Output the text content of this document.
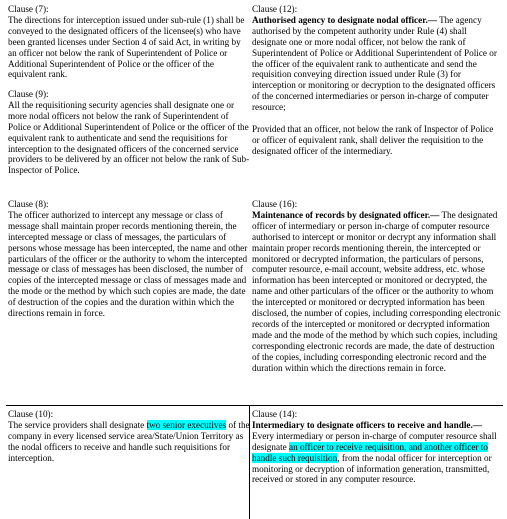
Clause (7):

The directions for interception issued under sub-rule (1) shall be conveyed to the designated officers of the licensee(s) who have been granted licenses under Section 4 of said Act, in writing by an officer not below the rank of Superintendent of Police or Additional Superintendent of Police or the officer of the equivalent rank.

Clause (9):

All the requisitioning security agencies shall designate one or more nodal officers not below the rank of Superintendent of Police or Additional Superintendent of Police or the officer of the equivalent rank to authenticate and send the requisitions for interception to the designated officers of the concerned service providers to be delivered by an officer not below the rank of Sub-Inspector of Police.

Clause (12):

Authorised agency to designate nodal officer.— The agency authorised by the competent authority under Rule (4) shall designate one or more nodal officer, not below the rank of Superintendent of Police or Additional Superintendent of Police or the officer of the equivalent rank to authenticate and send the requisition conveying direction issued under Rule (3) for interception or monitoring or decryption to the designated officers of the concerned intermediaries or person in-charge of computer resource;

Provided that an officer, not below the rank of Inspector of Police or officer of equivalent rank, shall deliver the requisition to the designated officer of the intermediary.

Clause (8):

The officer authorized to intercept any message or class of message shall maintain proper records mentioning therein, the intercepted message or class of messages, the particulars of persons whose message has been intercepted, the name and other particulars of the officer or the authority to whom the intercepted message or class of messages has been disclosed, the number of copies of the intercepted message or class of messages made and the mode or the method by which such copies are made, the date of destruction of the copies and the duration within which the directions remain in force.

Clause (16):

Maintenance of records by designated officer.— The designated officer of intermediary or person in-charge of computer resource authorised to intercept or monitor or decrypt any information shall maintain proper records mentioning therein, the intercepted or monitored or decrypted information, the particulars of persons, computer resource, e-mail account, website address, etc. whose information has been intercepted or monitored or decrypted, the name and other particulars of the officer or the authority to whom the intercepted or monitored or decrypted information has been disclosed, the number of copies, including corresponding electronic records of the intercepted or monitored or decrypted information made and the mode of the method by which such copies, including corresponding electronic records are made, the date of destruction of the copies, including corresponding electronic record and the duration within which the directions remain in force.

Clause (10):

The service providers shall designate two senior executives of the company in every licensed service area/State/Union Territory as the nodal officers to receive and handle such requisitions for interception.

Clause (14):

Intermediary to designate officers to receive and handle.— Every intermediary or person in-charge of computer resource shall designate an officer to receive requisition, and another officer to handle such requisition, from the nodal officer for interception or monitoring or decryption of information generation, transmitted, received or stored in any computer resource.
